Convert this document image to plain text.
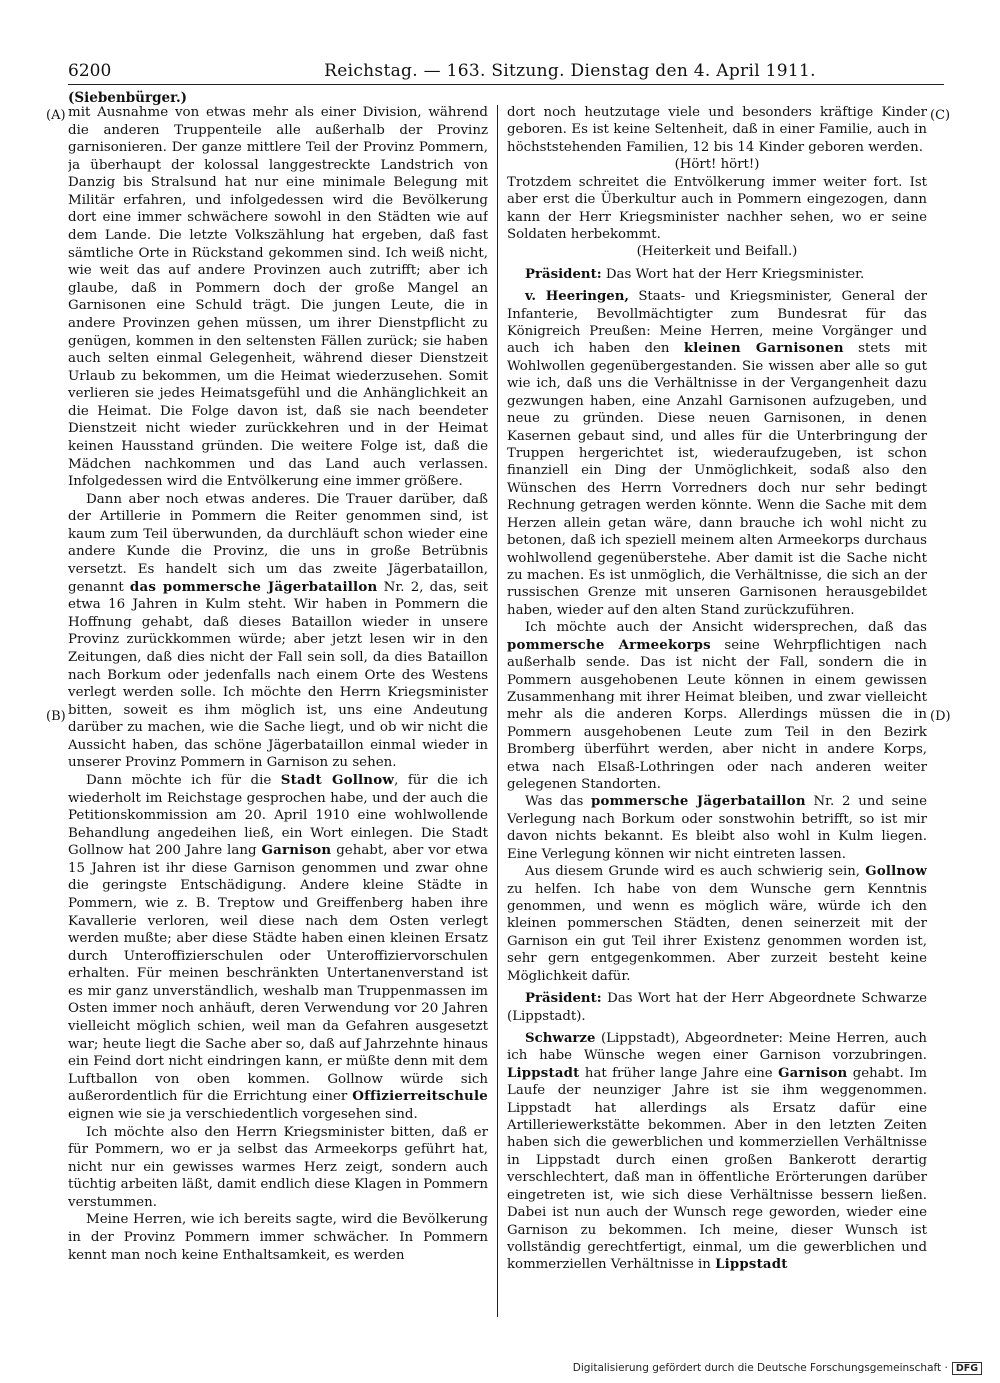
6200	Reichstag. — 163. Sitzung. Dienstag den 4. April 1911.
(Siebenbürger.)
(A)
(B)
(C)
(D)

mit Ausnahme von etwas mehr als einer Division, während die anderen Truppenteile alle außerhalb der Provinz garnisonieren. Der ganze mittlere Teil der Provinz Pommern, ja überhaupt der kolossal langgestreckte Landstrich von Danzig bis Stralsund hat nur eine minimale Belegung mit Militär erfahren, und infolgedessen wird die Bevölkerung dort eine immer schwächere sowohl in den Städten wie auf dem Lande. Die letzte Volkszählung hat ergeben, daß fast sämtliche Orte in Rückstand gekommen sind. Ich weiß nicht, wie weit das auf andere Provinzen auch zutrifft; aber ich glaube, daß in Pommern doch der große Mangel an Garnisonen eine Schuld trägt. Die jungen Leute, die in andere Provinzen gehen müssen, um ihrer Dienstpflicht zu genügen, kommen in den seltensten Fällen zurück; sie haben auch selten einmal Gelegenheit, während dieser Dienstzeit Urlaub zu bekommen, um die Heimat wiederzusehen. Somit verlieren sie jedes Heimatsgefühl und die Anhänglichkeit an die Heimat. Die Folge davon ist, daß sie nach beendeter Dienstzeit nicht wieder zurückkehren und in der Heimat keinen Hausstand gründen. Die weitere Folge ist, daß die Mädchen nachkommen und das Land auch verlassen. Infolgedessen wird die Entvölkerung eine immer größere.

Dann aber noch etwas anderes. Die Trauer darüber, daß der Artillerie in Pommern die Reiter genommen sind, ist kaum zum Teil überwunden, da durchläuft schon wieder eine andere Kunde die Provinz, die uns in große Betrübnis versetzt. Es handelt sich um das zweite Jägerbataillon, genannt das pommersche Jägerbataillon Nr. 2, das, seit etwa 16 Jahren in Kulm steht. Wir haben in Pommern die Hoffnung gehabt, daß dieses Bataillon wieder in unsere Provinz zurückkommen würde; aber jetzt lesen wir in den Zeitungen, daß dies nicht der Fall sein soll, da dies Bataillon nach Borkum oder jedenfalls nach einem Orte des Westens verlegt werden solle. Ich möchte den Herrn Kriegsminister bitten, soweit es ihm möglich ist, uns eine Andeutung darüber zu machen, wie die Sache liegt, und ob wir nicht die Aussicht haben, das schöne Jägerbataillon einmal wieder in unserer Provinz Pommern in Garnison zu sehen.

Dann möchte ich für die Stadt Gollnow, für die ich wiederholt im Reichstage gesprochen habe, und der auch die Petitionskommission am 20. April 1910 eine wohlwollende Behandlung angedeihen ließ, ein Wort einlegen. Die Stadt Gollnow hat 200 Jahre lang Garnison gehabt, aber vor etwa 15 Jahren ist ihr diese Garnison genommen und zwar ohne die geringste Entschädigung. Andere kleine Städte in Pommern, wie z. B. Treptow und Greiffenberg haben ihre Kavallerie verloren, weil diese nach dem Osten verlegt werden mußte; aber diese Städte haben einen kleinen Ersatz durch Unteroffizierschulen oder Unteroffiziervorschulen erhalten. Für meinen beschränkten Untertanenverstand ist es mir ganz unverständlich, weshalb man Truppenmassen im Osten immer noch anhäuft, deren Verwendung vor 20 Jahren vielleicht möglich schien, weil man da Gefahren ausgesetzt war; heute liegt die Sache aber so, daß auf Jahrzehnte hinaus ein Feind dort nicht eindringen kann, er müßte denn mit dem Luftballon von oben kommen. Gollnow würde sich außerordentlich für die Errichtung einer Offizierreitschule eignen wie sie ja verschiedentlich vorgesehen sind.

Ich möchte also den Herrn Kriegsminister bitten, daß er für Pommern, wo er ja selbst das Armeekorps geführt hat, nicht nur ein gewisses warmes Herz zeigt, sondern auch tüchtig arbeiten läßt, damit endlich diese Klagen in Pommern verstummen.

Meine Herren, wie ich bereits sagte, wird die Bevölkerung in der Provinz Pommern immer schwächer. In Pommern kennt man noch keine Enthaltsamkeit, es werden

dort noch heutzutage viele und besonders kräftige Kinder geboren. Es ist keine Seltenheit, daß in einer Familie, auch in höchststehenden Familien, 12 bis 14 Kinder geboren werden.

(Hört! hört!)

Trotzdem schreitet die Entvölkerung immer weiter fort. Ist aber erst die Überkultur auch in Pommern eingezogen, dann kann der Herr Kriegsminister nachher sehen, wo er seine Soldaten herbekommt.

(Heiterkeit und Beifall.)

Präsident: Das Wort hat der Herr Kriegsminister.

v. Heeringen, Staats- und Kriegsminister, General der Infanterie, Bevollmächtigter zum Bundesrat für das Königreich Preußen: Meine Herren, meine Vorgänger und auch ich haben den kleinen Garnisonen stets mit Wohlwollen gegenübergestanden. Sie wissen aber alle so gut wie ich, daß uns die Verhältnisse in der Vergangenheit dazu gezwungen haben, eine Anzahl Garnisonen aufzugeben, und neue zu gründen. Diese neuen Garnisonen, in denen Kasernen gebaut sind, und alles für die Unterbringung der Truppen hergerichtet ist, wiederaufzugeben, ist schon finanziell ein Ding der Unmöglichkeit, sodaß also den Wünschen des Herrn Vorredners doch nur sehr bedingt Rechnung getragen werden könnte. Wenn die Sache mit dem Herzen allein getan wäre, dann brauche ich wohl nicht zu betonen, daß ich speziell meinem alten Armeekorps durchaus wohlwollend gegenüberstehe. Aber damit ist die Sache nicht zu machen. Es ist unmöglich, die Verhältnisse, die sich an der russischen Grenze mit unseren Garnisonen herausgebildet haben, wieder auf den alten Stand zurückzuführen.

Ich möchte auch der Ansicht widersprechen, daß das pommersche Armeekorps seine Wehrpflichtigen nach außerhalb sende. Das ist nicht der Fall, sondern die in Pommern ausgehobenen Leute können in einem gewissen Zusammenhang mit ihrer Heimat bleiben, und zwar vielleicht mehr als die anderen Korps. Allerdings müssen die in Pommern ausgehobenen Leute zum Teil in den Bezirk Bromberg überführt werden, aber nicht in andere Korps, etwa nach Elsaß-Lothringen oder nach anderen weiter gelegenen Standorten.

Was das pommersche Jägerbataillon Nr. 2 und seine Verlegung nach Borkum oder sonstwohin betrifft, so ist mir davon nichts bekannt. Es bleibt also wohl in Kulm liegen. Eine Verlegung können wir nicht eintreten lassen.

Aus diesem Grunde wird es auch schwierig sein, Gollnow zu helfen. Ich habe von dem Wunsche gern Kenntnis genommen, und wenn es möglich wäre, würde ich den kleinen pommerschen Städten, denen seinerzeit mit der Garnison ein gut Teil ihrer Existenz genommen worden ist, sehr gern entgegenkommen. Aber zurzeit besteht keine Möglichkeit dafür.

Präsident: Das Wort hat der Herr Abgeordnete Schwarze (Lippstadt).

Schwarze (Lippstadt), Abgeordneter: Meine Herren, auch ich habe Wünsche wegen einer Garnison vorzubringen. Lippstadt hat früher lange Jahre eine Garnison gehabt. Im Laufe der neunziger Jahre ist sie ihm weggenommen. Lippstadt hat allerdings als Ersatz dafür eine Artilleriewerkstätte bekommen. Aber in den letzten Zeiten haben sich die gewerblichen und kommerziellen Verhältnisse in Lippstadt durch einen großen Bankerott derartig verschlechtert, daß man in öffentliche Erörterungen darüber eingetreten ist, wie sich diese Verhältnisse bessern ließen. Dabei ist nun auch der Wunsch rege geworden, wieder eine Garnison zu bekommen. Ich meine, dieser Wunsch ist vollständig gerechtfertigt, einmal, um die gewerblichen und kommerziellen Verhältnisse in Lippstadt

Digitalisierung gefördert durch die Deutsche Forschungsgemeinschaft · DFG
